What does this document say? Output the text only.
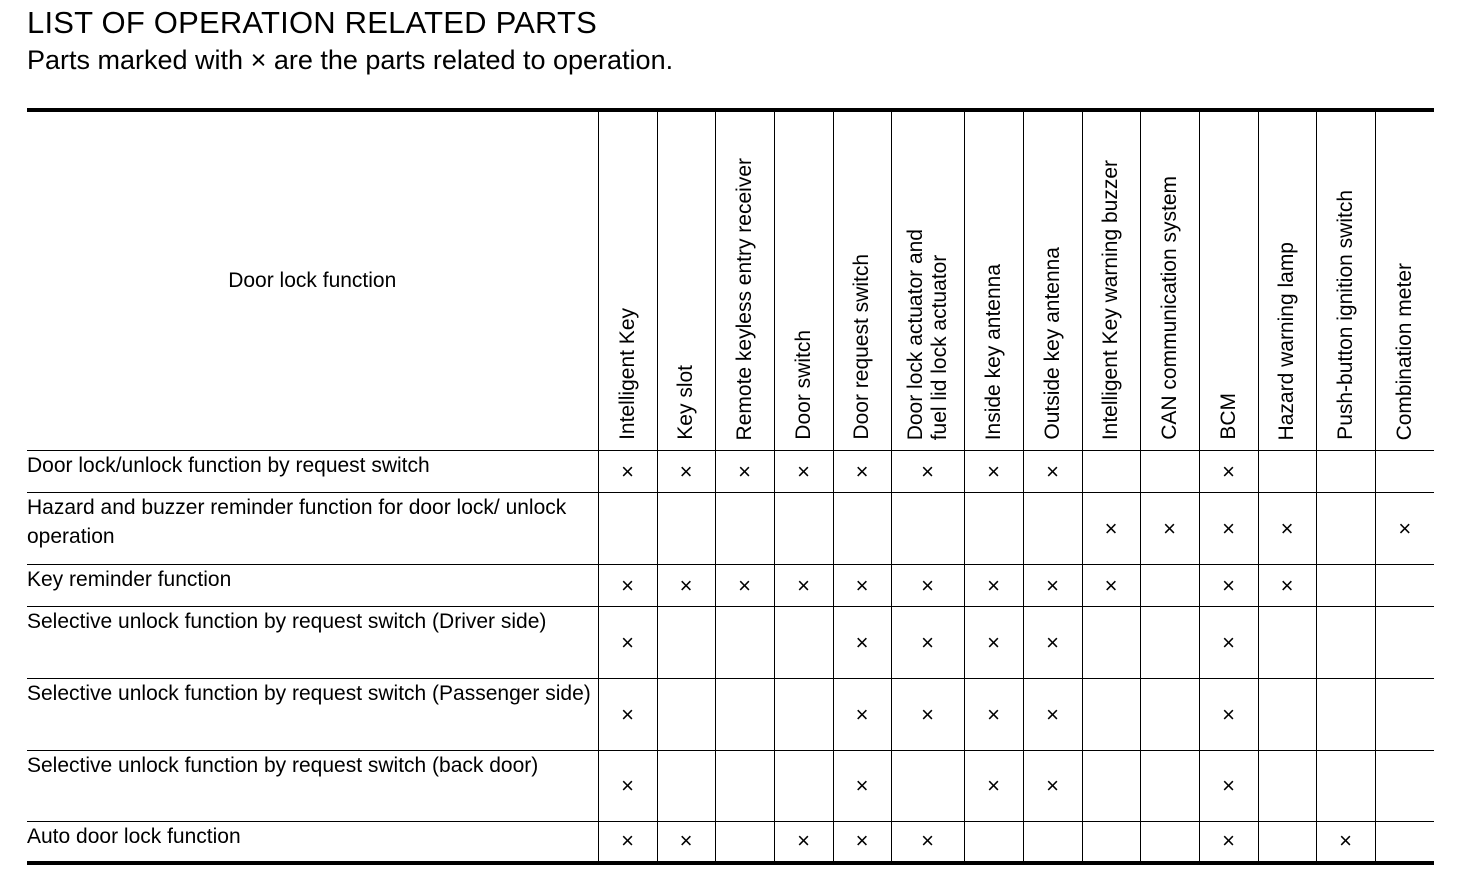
LIST OF OPERATION RELATED PARTS
Parts marked with × are the parts related to operation.
Door lock function	Intelligent Key	Key slot	Remote keyless entry receiver	Door switch	Door request switch	Door lock actuator and
fuel lid lock actuator	Inside key antenna	Outside key antenna	Intelligent Key warning buzzer	CAN communication system	BCM	Hazard warning lamp	Push-button ignition switch	Combination meter

Door lock/unlock function by request switch	×	×	×	×	×	×	×	×			×			
Hazard and buzzer reminder function for door lock/ unlock operation									×	×	×	×		×
Key reminder function	×	×	×	×	×	×	×	×	×		×	×		
Selective unlock function by request switch (Driver side)	×				×	×	×	×			×			
Selective unlock function by request switch (Passenger side)	×				×	×	×	×			×			
Selective unlock function by request switch (back door)	×				×		×	×			×			
Auto door lock function	×	×		×	×	×					×		×	
